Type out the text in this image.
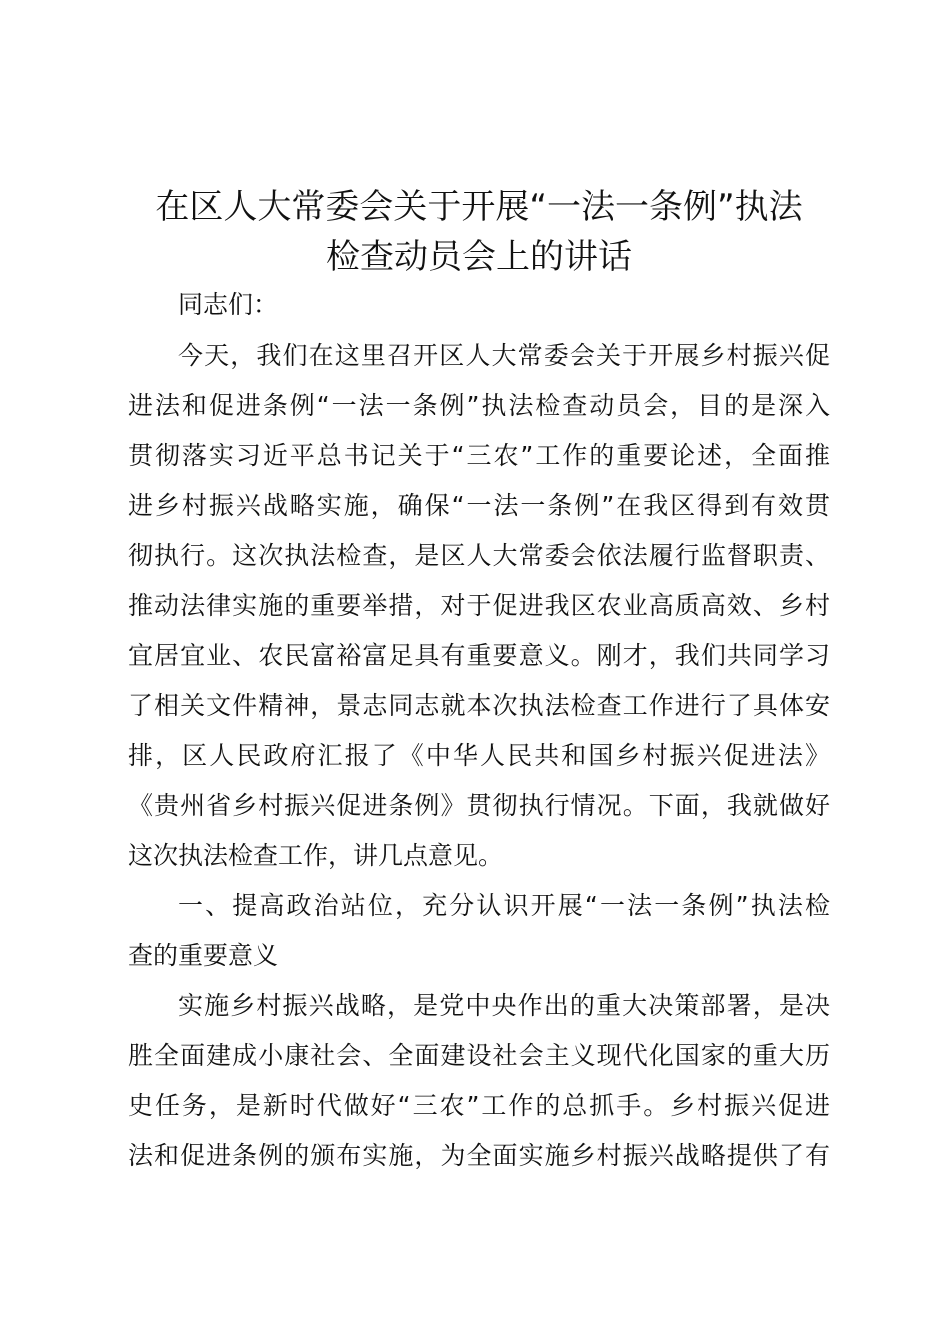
在区人大常委会关于开展“一法一条例”执法
检查动员会上的讲话
同志们：
今天，我们在这里召开区人大常委会关于开展乡村振兴促
进法和促进条例“一法一条例”执法检查动员会，目的是深入
贯彻落实习近平总书记关于“三农”工作的重要论述，全面推
进乡村振兴战略实施，确保“一法一条例”在我区得到有效贯
彻执行。这次执法检查，是区人大常委会依法履行监督职责、
推动法律实施的重要举措，对于促进我区农业高质高效、乡村
宜居宜业、农民富裕富足具有重要意义。刚才，我们共同学习
了相关文件精神，景志同志就本次执法检查工作进行了具体安
排，区人民政府汇报了《中华人民共和国乡村振兴促进法》
《贵州省乡村振兴促进条例》贯彻执行情况。下面，我就做好
这次执法检查工作，讲几点意见。
一、提高政治站位，充分认识开展“一法一条例”执法检
查的重要意义
实施乡村振兴战略，是党中央作出的重大决策部署，是决
胜全面建成小康社会、全面建设社会主义现代化国家的重大历
史任务，是新时代做好“三农”工作的总抓手。乡村振兴促进
法和促进条例的颁布实施，为全面实施乡村振兴战略提供了有
